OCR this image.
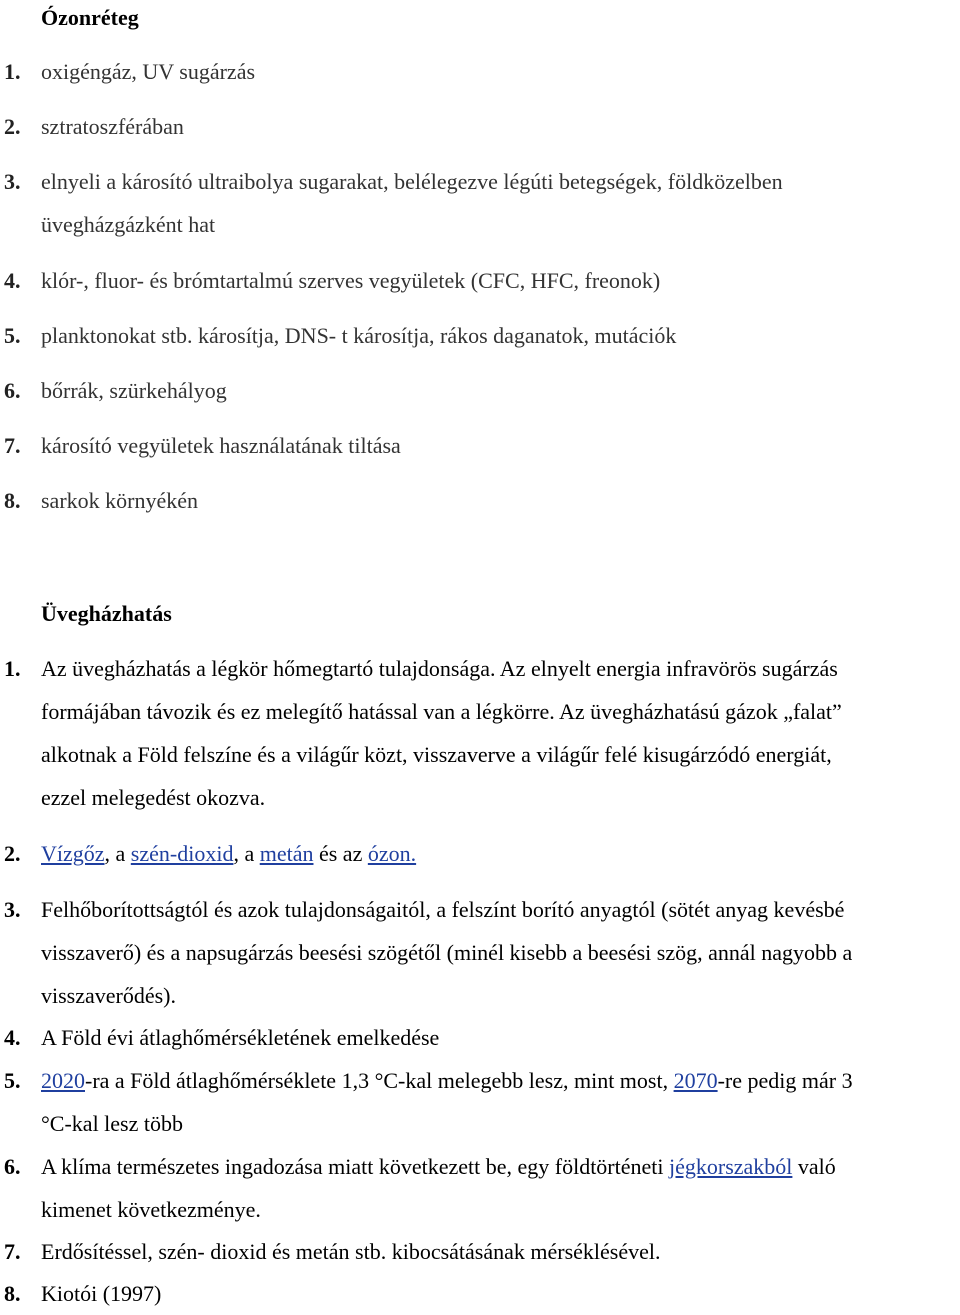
Ózonréteg
1. oxigéngáz, UV sugárzás
2. sztratoszférában
3. elnyeli a károsító ultraibolya sugarakat, belélegezve légúti betegségek, földközelben
üvegházgázként hat
4. klór-, fluor- és brómtartalmú szerves vegyületek (CFC, HFC, freonok)
5. planktonokat stb. károsítja, DNS- t károsítja, rákos daganatok, mutációk
6. bőrrák, szürkehályog
7. károsító vegyületek használatának tiltása
8. sarkok környékén
Üvegházhatás
1. Az üvegházhatás a légkör hőmegtartó tulajdonsága. Az elnyelt energia infravörös sugárzás
formájában távozik és ez melegítő hatással van a légkörre. Az üvegházhatású gázok „falat”
alkotnak a Föld felszíne és a világűr közt, visszaverve a világűr felé kisugárzódó energiát,
ezzel melegedést okozva.
2. Vízgőz, a szén-dioxid, a metán és az ózon.
3. Felhőborítottságtól és azok tulajdonságaitól, a felszínt borító anyagtól (sötét anyag kevésbé
visszaverő) és a napsugárzás beesési szögétől (minél kisebb a beesési szög, annál nagyobb a
visszaverődés).
4. A Föld évi átlaghőmérsékletének emelkedése
5. 2020-ra a Föld átlaghőmérséklete 1,3 °C-kal melegebb lesz, mint most, 2070-re pedig már 3
°C-kal lesz több
6. A klíma természetes ingadozása miatt következett be, egy földtörténeti jégkorszakból való
kimenet következménye.
7. Erdősítéssel, szén- dioxid és metán stb. kibocsátásának mérséklésével.
8. Kiotói (1997)
